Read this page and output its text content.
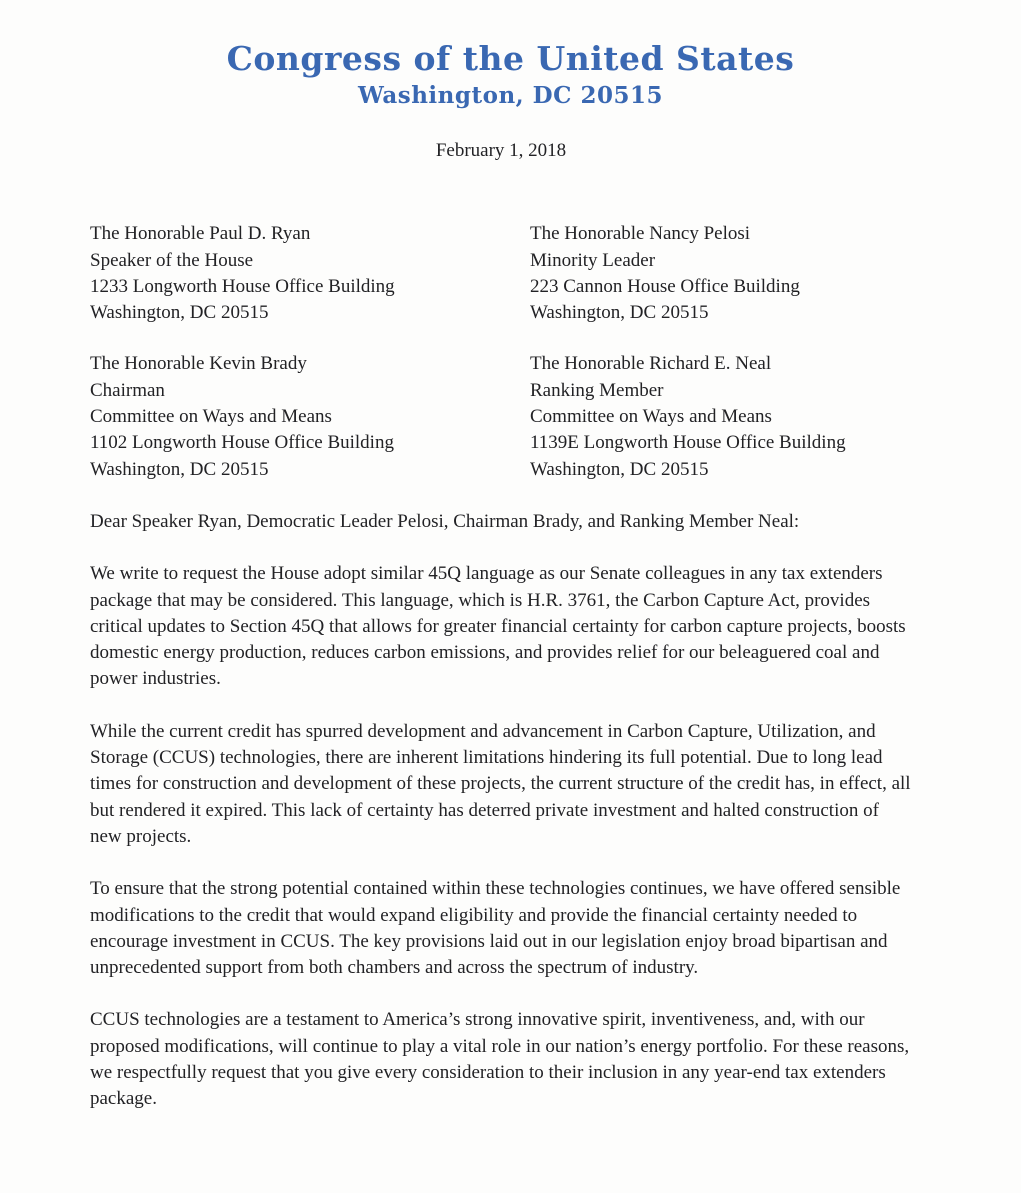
Congress of the United States
Washington, DC 20515
February 1, 2018
The Honorable Paul D. Ryan
Speaker of the House
1233 Longworth House Office Building
Washington, DC 20515
The Honorable Nancy Pelosi
Minority Leader
223 Cannon House Office Building
Washington, DC 20515
The Honorable Kevin Brady
Chairman
Committee on Ways and Means
1102 Longworth House Office Building
Washington, DC 20515
The Honorable Richard E. Neal
Ranking Member
Committee on Ways and Means
1139E Longworth House Office Building
Washington, DC 20515
Dear Speaker Ryan, Democratic Leader Pelosi, Chairman Brady, and Ranking Member Neal:

We write to request the House adopt similar 45Q language as our Senate colleagues in any tax extenders package that may be considered. This language, which is H.R. 3761, the Carbon Capture Act, provides critical updates to Section 45Q that allows for greater financial certainty for carbon capture projects, boosts domestic energy production, reduces carbon emissions, and provides relief for our beleaguered coal and power industries.

While the current credit has spurred development and advancement in Carbon Capture, Utilization, and Storage (CCUS) technologies, there are inherent limitations hindering its full potential. Due to long lead times for construction and development of these projects, the current structure of the credit has, in effect, all but rendered it expired. This lack of certainty has deterred private investment and halted construction of new projects.

To ensure that the strong potential contained within these technologies continues, we have offered sensible modifications to the credit that would expand eligibility and provide the financial certainty needed to encourage investment in CCUS. The key provisions laid out in our legislation enjoy broad bipartisan and unprecedented support from both chambers and across the spectrum of industry.

CCUS technologies are a testament to America’s strong innovative spirit, inventiveness, and, with our proposed modifications, will continue to play a vital role in our nation’s energy portfolio. For these reasons, we respectfully request that you give every consideration to their inclusion in any year-end tax extenders package.
